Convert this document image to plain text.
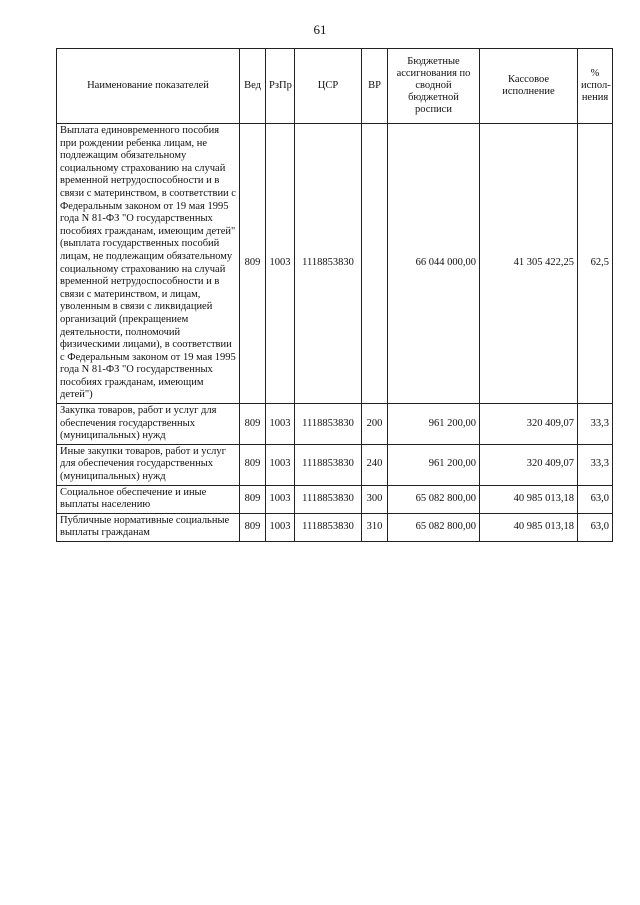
61
Наименование показателей	Вед	РзПр	ЦСР	ВР	Бюджетные ассигнования по сводной бюджетной росписи	Кассовое исполнение	% испол-нения
Выплата единовременного пособия при рождении ребенка лицам, не подлежащим обязательному социальному страхованию на случай временной нетрудоспособности и в связи с материнством, в соответствии с Федеральным законом от 19 мая 1995 года N 81-ФЗ "О государственных пособиях гражданам, имеющим детей" (выплата государственных пособий лицам, не подлежащим обязательному социальному страхованию на случай временной нетрудоспособности и в связи с материнством, и лицам, уволенным в связи с ликвидацией организаций (прекращением деятельности, полномочий физическими лицами), в соответствии с Федеральным законом от 19 мая 1995 года N 81-ФЗ "О государственных пособиях гражданам, имеющим детей")	809	1003	1118853830		66 044 000,00	41 305 422,25	62,5
Закупка товаров, работ и услуг для обеспечения государственных (муниципальных) нужд	809	1003	1118853830	200	961 200,00	320 409,07	33,3
Иные закупки товаров, работ и услуг для обеспечения государственных (муниципальных) нужд	809	1003	1118853830	240	961 200,00	320 409,07	33,3
Социальное обеспечение и иные выплаты населению	809	1003	1118853830	300	65 082 800,00	40 985 013,18	63,0
Публичные нормативные социальные выплаты гражданам	809	1003	1118853830	310	65 082 800,00	40 985 013,18	63,0
